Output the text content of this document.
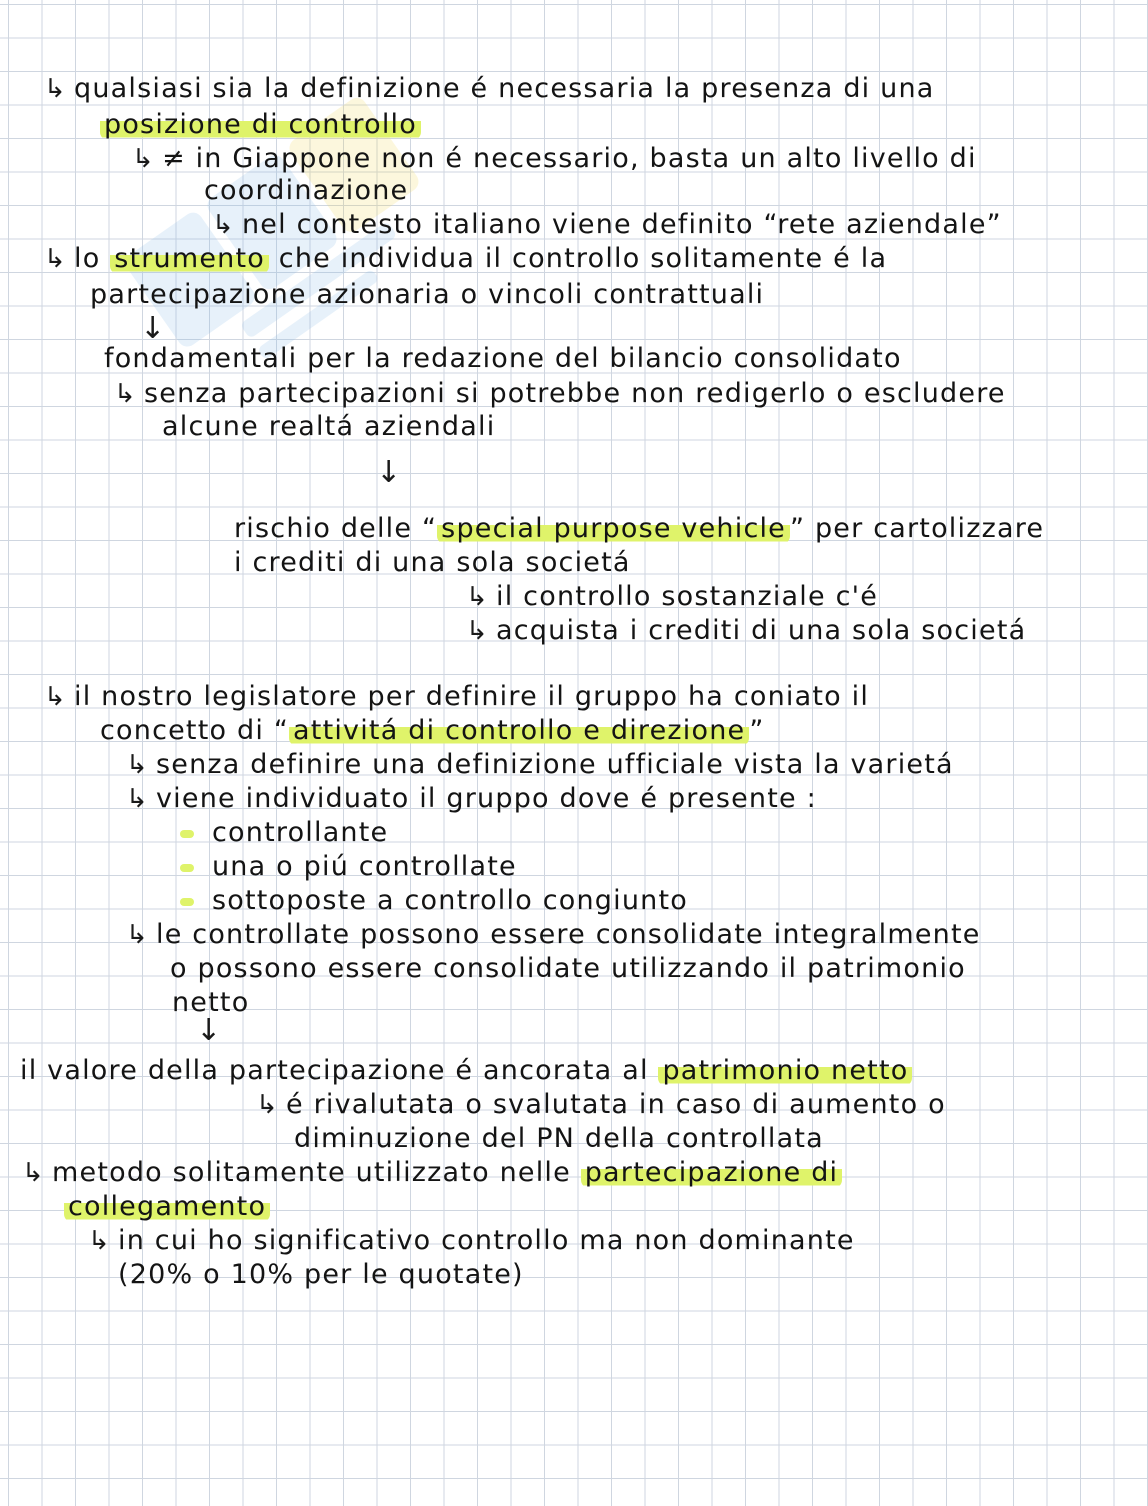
↳ qualsiasi sia la definizione é necessaria la presenza di una
posizione di controllo
↳ ≠ in Giappone non é necessario, basta un alto livello di
coordinazione
↳ nel contesto italiano viene definito “rete aziendale”
↳ lo strumento che individua il controllo solitamente é la
partecipazione azionaria o vincoli contrattuali
↓
fondamentali per la redazione del bilancio consolidato
↳ senza partecipazioni si potrebbe non redigerlo o escludere
alcune realtá aziendali
↓
rischio delle “ special purpose vehicle ” per cartolizzare
i crediti di una sola societá
↳ il controllo sostanziale c'é
↳ acquista i crediti di una sola societá
↳ il nostro legislatore per definire il gruppo ha coniato il
concetto di “ attivitá di controllo e direzione ”
↳ senza definire una definizione ufficiale vista la varietá
↳ viene individuato il gruppo dove é presente :
controllante
una o piú controllate
sottoposte a controllo congiunto
↳ le controllate possono essere consolidate integralmente
o possono essere consolidate utilizzando il patrimonio
netto
↓
il valore della partecipazione é ancorata al patrimonio netto
↳ é rivalutata o svalutata in caso di aumento o
diminuzione del PN della controllata
↳ metodo solitamente utilizzato nelle partecipazione di
collegamento
↳ in cui ho significativo controllo ma non dominante
(20% o 10% per le quotate)
